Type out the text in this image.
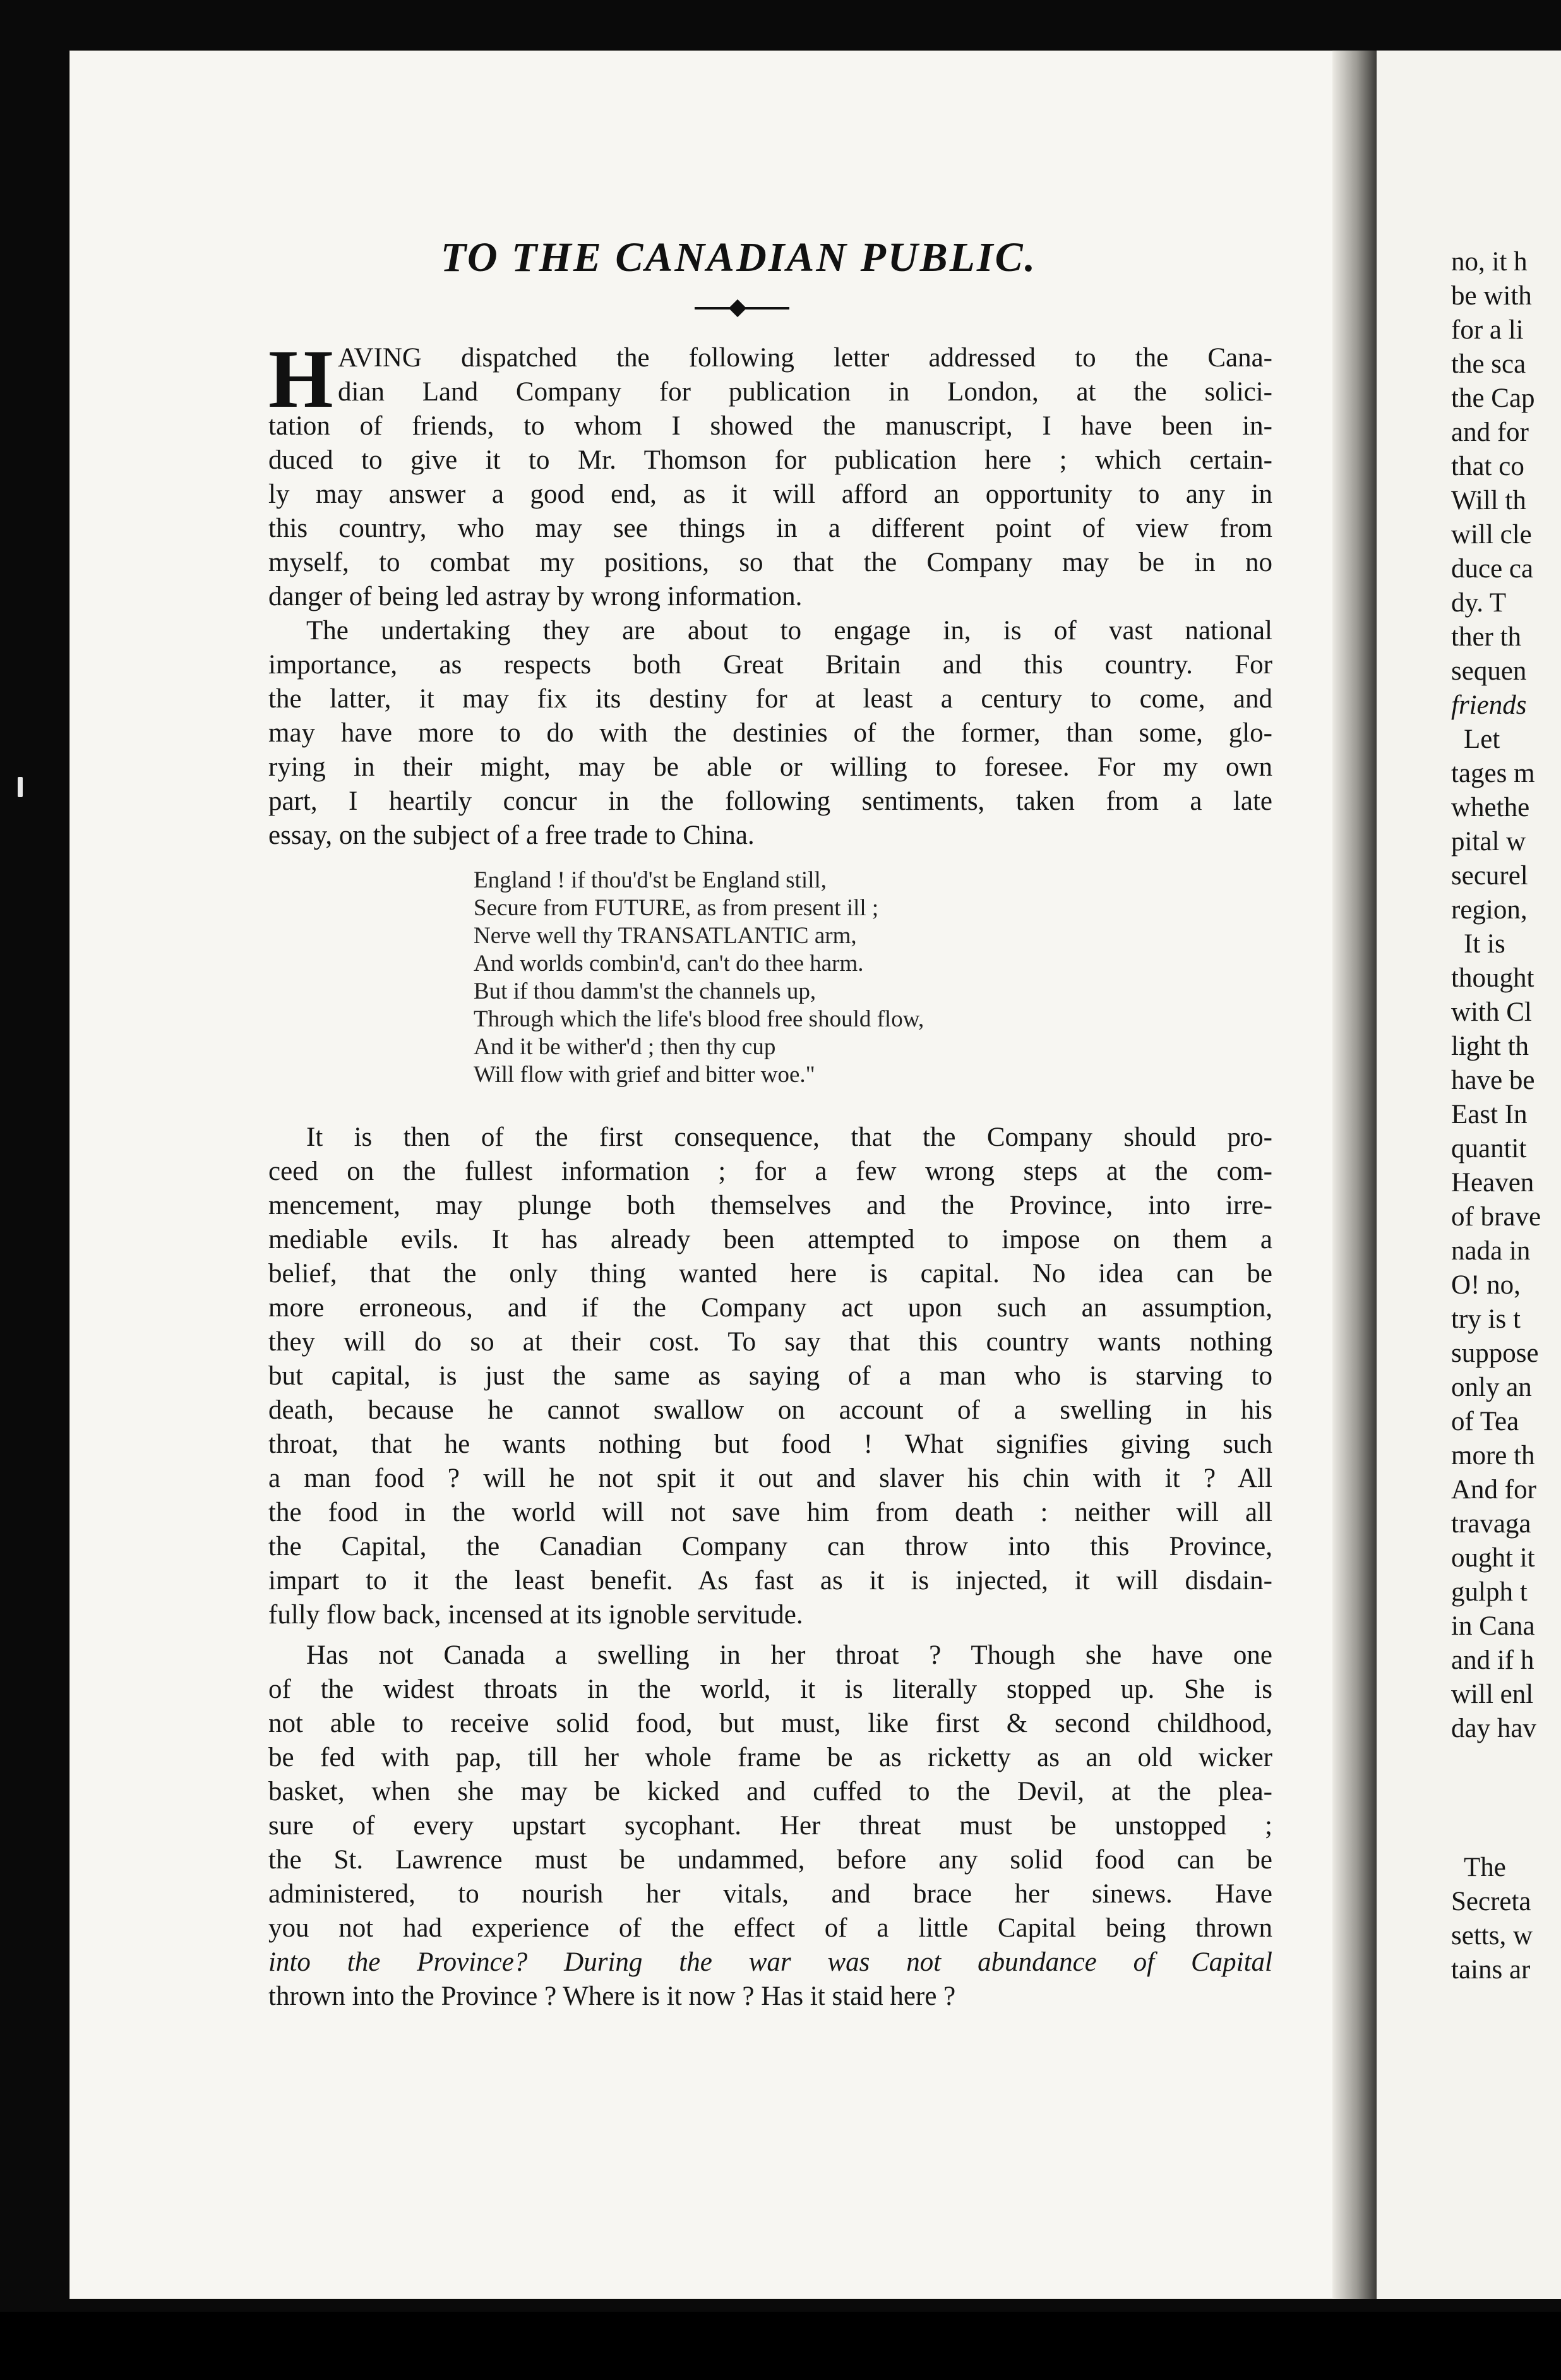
TO THE CANADIAN PUBLIC.
H AVING dispatched the following letter addressed to the Cana-
dian Land Company for publication in London, at the solici-
tation of friends, to whom I showed the manuscript, I have been in-
duced to give it to Mr. Thomson for publication here ; which certain-
ly may answer a good end, as it will afford an opportunity to any in
this country, who may see things in a different point of view from
myself, to combat my positions, so that the Company may be in no
danger of being led astray by wrong information.
The undertaking they are about to engage in, is of vast national
importance, as respects both Great Britain and this country. For
the latter, it may fix its destiny for at least a century to come, and
may have more to do with the destinies of the former, than some, glo-
rying in their might, may be able or willing to foresee. For my own
part, I heartily concur in the following sentiments, taken from a late
essay, on the subject of a free trade to China.
England ! if thou'd'st be England still,
Secure from FUTURE, as from present ill ;
Nerve well thy TRANSATLANTIC arm,
And worlds combin'd, can't do thee harm.
But if thou damm'st the channels up,
Through which the life's blood free should flow,
And it be wither'd ; then thy cup
Will flow with grief and bitter woe."
It is then of the first consequence, that the Company should pro-
ceed on the fullest information ; for a few wrong steps at the com-
mencement, may plunge both themselves and the Province, into irre-
mediable evils. It has already been attempted to impose on them a
belief, that the only thing wanted here is capital. No idea can be
more erroneous, and if the Company act upon such an assumption,
they will do so at their cost. To say that this country wants nothing
but capital, is just the same as saying of a man who is starving to
death, because he cannot swallow on account of a swelling in his
throat, that he wants nothing but food ! What signifies giving such
a man food ? will he not spit it out and slaver his chin with it ? All
the food in the world will not save him from death : neither will all
the Capital, the Canadian Company can throw into this Province,
impart to it the least benefit. As fast as it is injected, it will disdain-
fully flow back, incensed at its ignoble servitude.
Has not Canada a swelling in her throat ? Though she have one
of the widest throats in the world, it is literally stopped up. She is
not able to receive solid food, but must, like first & second childhood,
be fed with pap, till her whole frame be as ricketty as an old wicker
basket, when she may be kicked and cuffed to the Devil, at the plea-
sure of every upstart sycophant. Her threat must be unstopped ;
the St. Lawrence must be undammed, before any solid food can be
administered, to nourish her vitals, and brace her sinews. Have
you not had experience of the effect of a little Capital being thrown
into the Province? During the war was not abundance of Capital
thrown into the Province ? Where is it now ? Has it staid here ?
no, it h
be with
for a li
the sca
the Cap
and for
that co
Will th
will cle
duce ca
dy. T
ther th
sequen
friends
Let
tages m
whethe
pital w
securel
region,
It is
thought
with Cl
light th
have be
East In
quantit
Heaven
of brave
nada in
O! no,
try is t
suppose
only an
of Tea
more th
And for
travaga
ought it
gulph t
in Cana
and if h
will enl
day hav
The
Secreta
setts, w
tains ar
